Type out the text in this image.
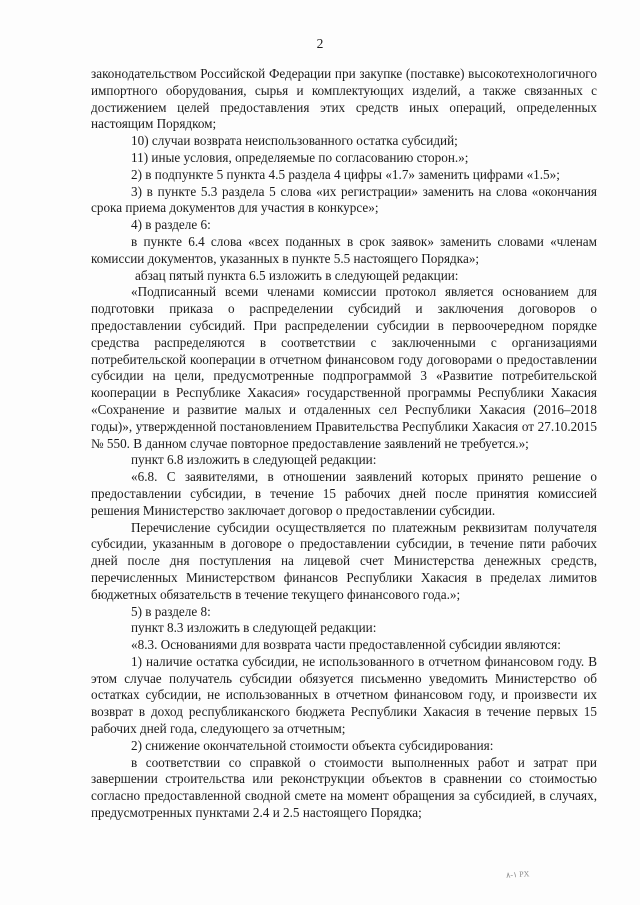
2

законодательством Российской Федерации при закупке (поставке) высокотехнологичного импортного оборудования, сырья и комплектующих изделий, а также связанных с достижением целей предоставления этих средств иных операций, определенных настоящим Порядком;

10) случаи возврата неиспользованного остатка субсидий;

11) иные условия, определяемые по согласованию сторон.»;

2) в подпункте 5 пункта 4.5 раздела 4 цифры «1.7» заменить цифрами «1.5»;

3) в пункте 5.3 раздела 5 слова «их регистрации» заменить на слова «окончания срока приема документов для участия в конкурсе»;

4) в разделе 6:

в пункте 6.4 слова «всех поданных в срок заявок» заменить словами «членам комиссии документов, указанных в пункте 5.5 настоящего Порядка»;

абзац пятый пункта 6.5 изложить в следующей редакции:

«Подписанный всеми членами комиссии протокол является основанием для подготовки приказа о распределении субсидий и заключения договоров о предоставлении субсидий. При распределении субсидии в первоочередном порядке средства распределяются в соответствии с заключенными с организациями потребительской кооперации в отчетном финансовом году договорами о предоставлении субсидии на цели, предусмотренные подпрограммой 3 «Развитие потребительской кооперации в Республике Хакасия» государственной программы Республики Хакасия «Сохранение и развитие малых и отдаленных сел Республики Хакасия (2016–2018 годы)», утвержденной постановлением Правительства Республики Хакасия от 27.10.2015 № 550. В данном случае повторное предоставление заявлений не требуется.»;

пункт 6.8 изложить в следующей редакции:

«6.8. С заявителями, в отношении заявлений которых принято решение о предоставлении субсидии, в течение 15 рабочих дней после принятия комиссией решения Министерство заключает договор о предоставлении субсидии.

Перечисление субсидии осуществляется по платежным реквизитам получателя субсидии, указанным в договоре о предоставлении субсидии, в течение пяти рабочих дней после дня поступления на лицевой счет Министерства денежных средств, перечисленных Министерством финансов Республики Хакасия в пределах лимитов бюджетных обязательств в течение текущего финансового года.»;

5) в разделе 8:

пункт 8.3 изложить в следующей редакции:

«8.3. Основаниями для возврата части предоставленной субсидии являются:

1) наличие остатка субсидии, не использованного в отчетном финансовом году. В этом случае получатель субсидии обязуется письменно уведомить Министерство об остатках субсидии, не использованных в отчетном финансовом году, и произвести их возврат в доход республиканского бюджета Республики Хакасия в течение первых 15 рабочих дней года, следующего за отчетным;

2) снижение окончательной стоимости объекта субсидирования:

в соответствии со справкой о стоимости выполненных работ и затрат при завершении строительства или реконструкции объектов в сравнении со стоимостью согласно предоставленной сводной смете на момент обращения за субсидией, в случаях, предусмотренных пунктами 2.4 и 2.5 настоящего Порядка;

۸-۱ РХ
